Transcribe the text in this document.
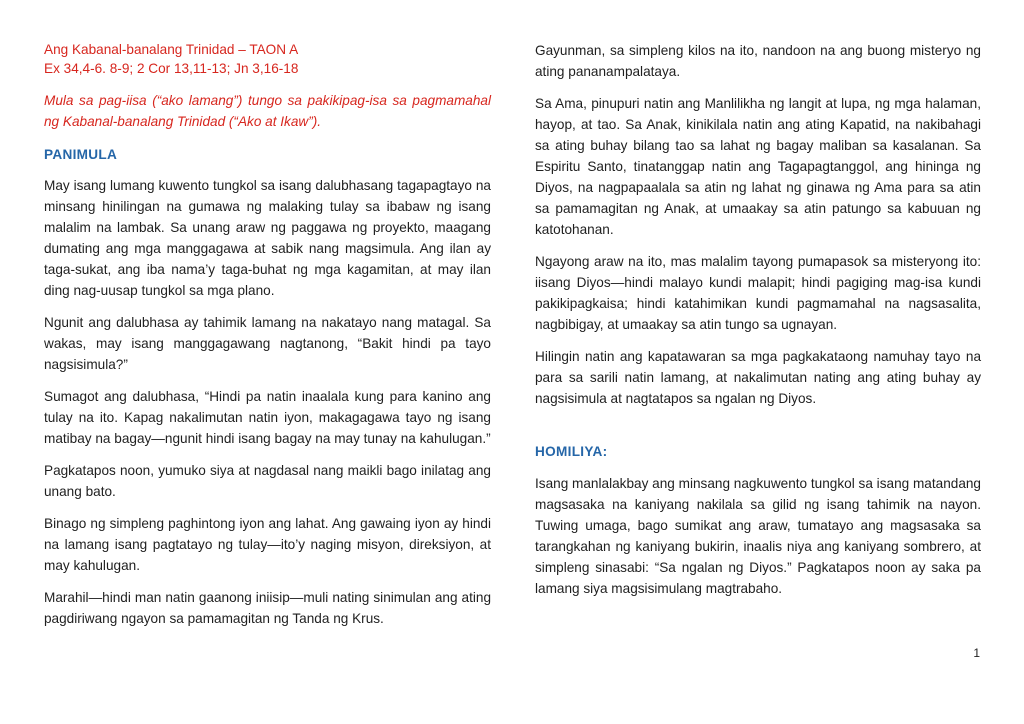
Ang Kabanal-banalang Trinidad – TAON A

Ex 34,4-6. 8-9; 2 Cor 13,11-13; Jn 3,16-18

Mula sa pag-iisa (“ako lamang”) tungo sa pakikipag-isa sa pagmamahal ng Kabanal-banalang Trinidad (“Ako at Ikaw”).

PANIMULA

May isang lumang kuwento tungkol sa isang dalubhasang tagapagtayo na minsang hinilingan na gumawa ng malaking tulay sa ibabaw ng isang malalim na lambak. Sa unang araw ng paggawa ng proyekto, maagang dumating ang mga manggagawa at sabik nang magsimula. Ang ilan ay taga-sukat, ang iba nama’y taga-buhat ng mga kagamitan, at may ilan ding nag-uusap tungkol sa mga plano.

Ngunit ang dalubhasa ay tahimik lamang na nakatayo nang matagal. Sa wakas, may isang manggagawang nagtanong, “Bakit hindi pa tayo nagsisimula?”

Sumagot ang dalubhasa, “Hindi pa natin inaalala kung para kanino ang tulay na ito. Kapag nakalimutan natin iyon, makagagawa tayo ng isang matibay na bagay—ngunit hindi isang bagay na may tunay na kahulugan.”

Pagkatapos noon, yumuko siya at nagdasal nang maikli bago inilatag ang unang bato.

Binago ng simpleng paghintong iyon ang lahat. Ang gawaing iyon ay hindi na lamang isang pagtatayo ng tulay—ito’y naging misyon, direksiyon, at may kahulugan.

Marahil—hindi man natin gaanong iniisip—muli nating sinimulan ang ating pagdiriwang ngayon sa pamamagitan ng Tanda ng Krus.

Gayunman, sa simpleng kilos na ito, nandoon na ang buong misteryo ng ating pananampalataya.

Sa Ama, pinupuri natin ang Manlilikha ng langit at lupa, ng mga halaman, hayop, at tao. Sa Anak, kinikilala natin ang ating Kapatid, na nakibahagi sa ating buhay bilang tao sa lahat ng bagay maliban sa kasalanan. Sa Espiritu Santo, tinatanggap natin ang Tagapagtanggol, ang hininga ng Diyos, na nagpapaalala sa atin ng lahat ng ginawa ng Ama para sa atin sa pamamagitan ng Anak, at umaakay sa atin patungo sa kabuuan ng katotohanan.

Ngayong araw na ito, mas malalim tayong pumapasok sa misteryong ito: iisang Diyos—hindi malayo kundi malapit; hindi pagiging mag-isa kundi pakikipagkaisa; hindi katahimikan kundi pagmamahal na nagsasalita, nagbibigay, at umaakay sa atin tungo sa ugnayan.

Hilingin natin ang kapatawaran sa mga pagkakataong namuhay tayo na para sa sarili natin lamang, at nakalimutan nating ang ating buhay ay nagsisimula at nagtatapos sa ngalan ng Diyos.

HOMILIYA:

Isang manlalakbay ang minsang nagkuwento tungkol sa isang matandang magsasaka na kaniyang nakilala sa gilid ng isang tahimik na nayon. Tuwing umaga, bago sumikat ang araw, tumatayo ang magsasaka sa tarangkahan ng kaniyang bukirin, inaalis niya ang kaniyang sombrero, at simpleng sinasabi: “Sa ngalan ng Diyos.” Pagkatapos noon ay saka pa lamang siya magsisimulang magtrabaho.

1
